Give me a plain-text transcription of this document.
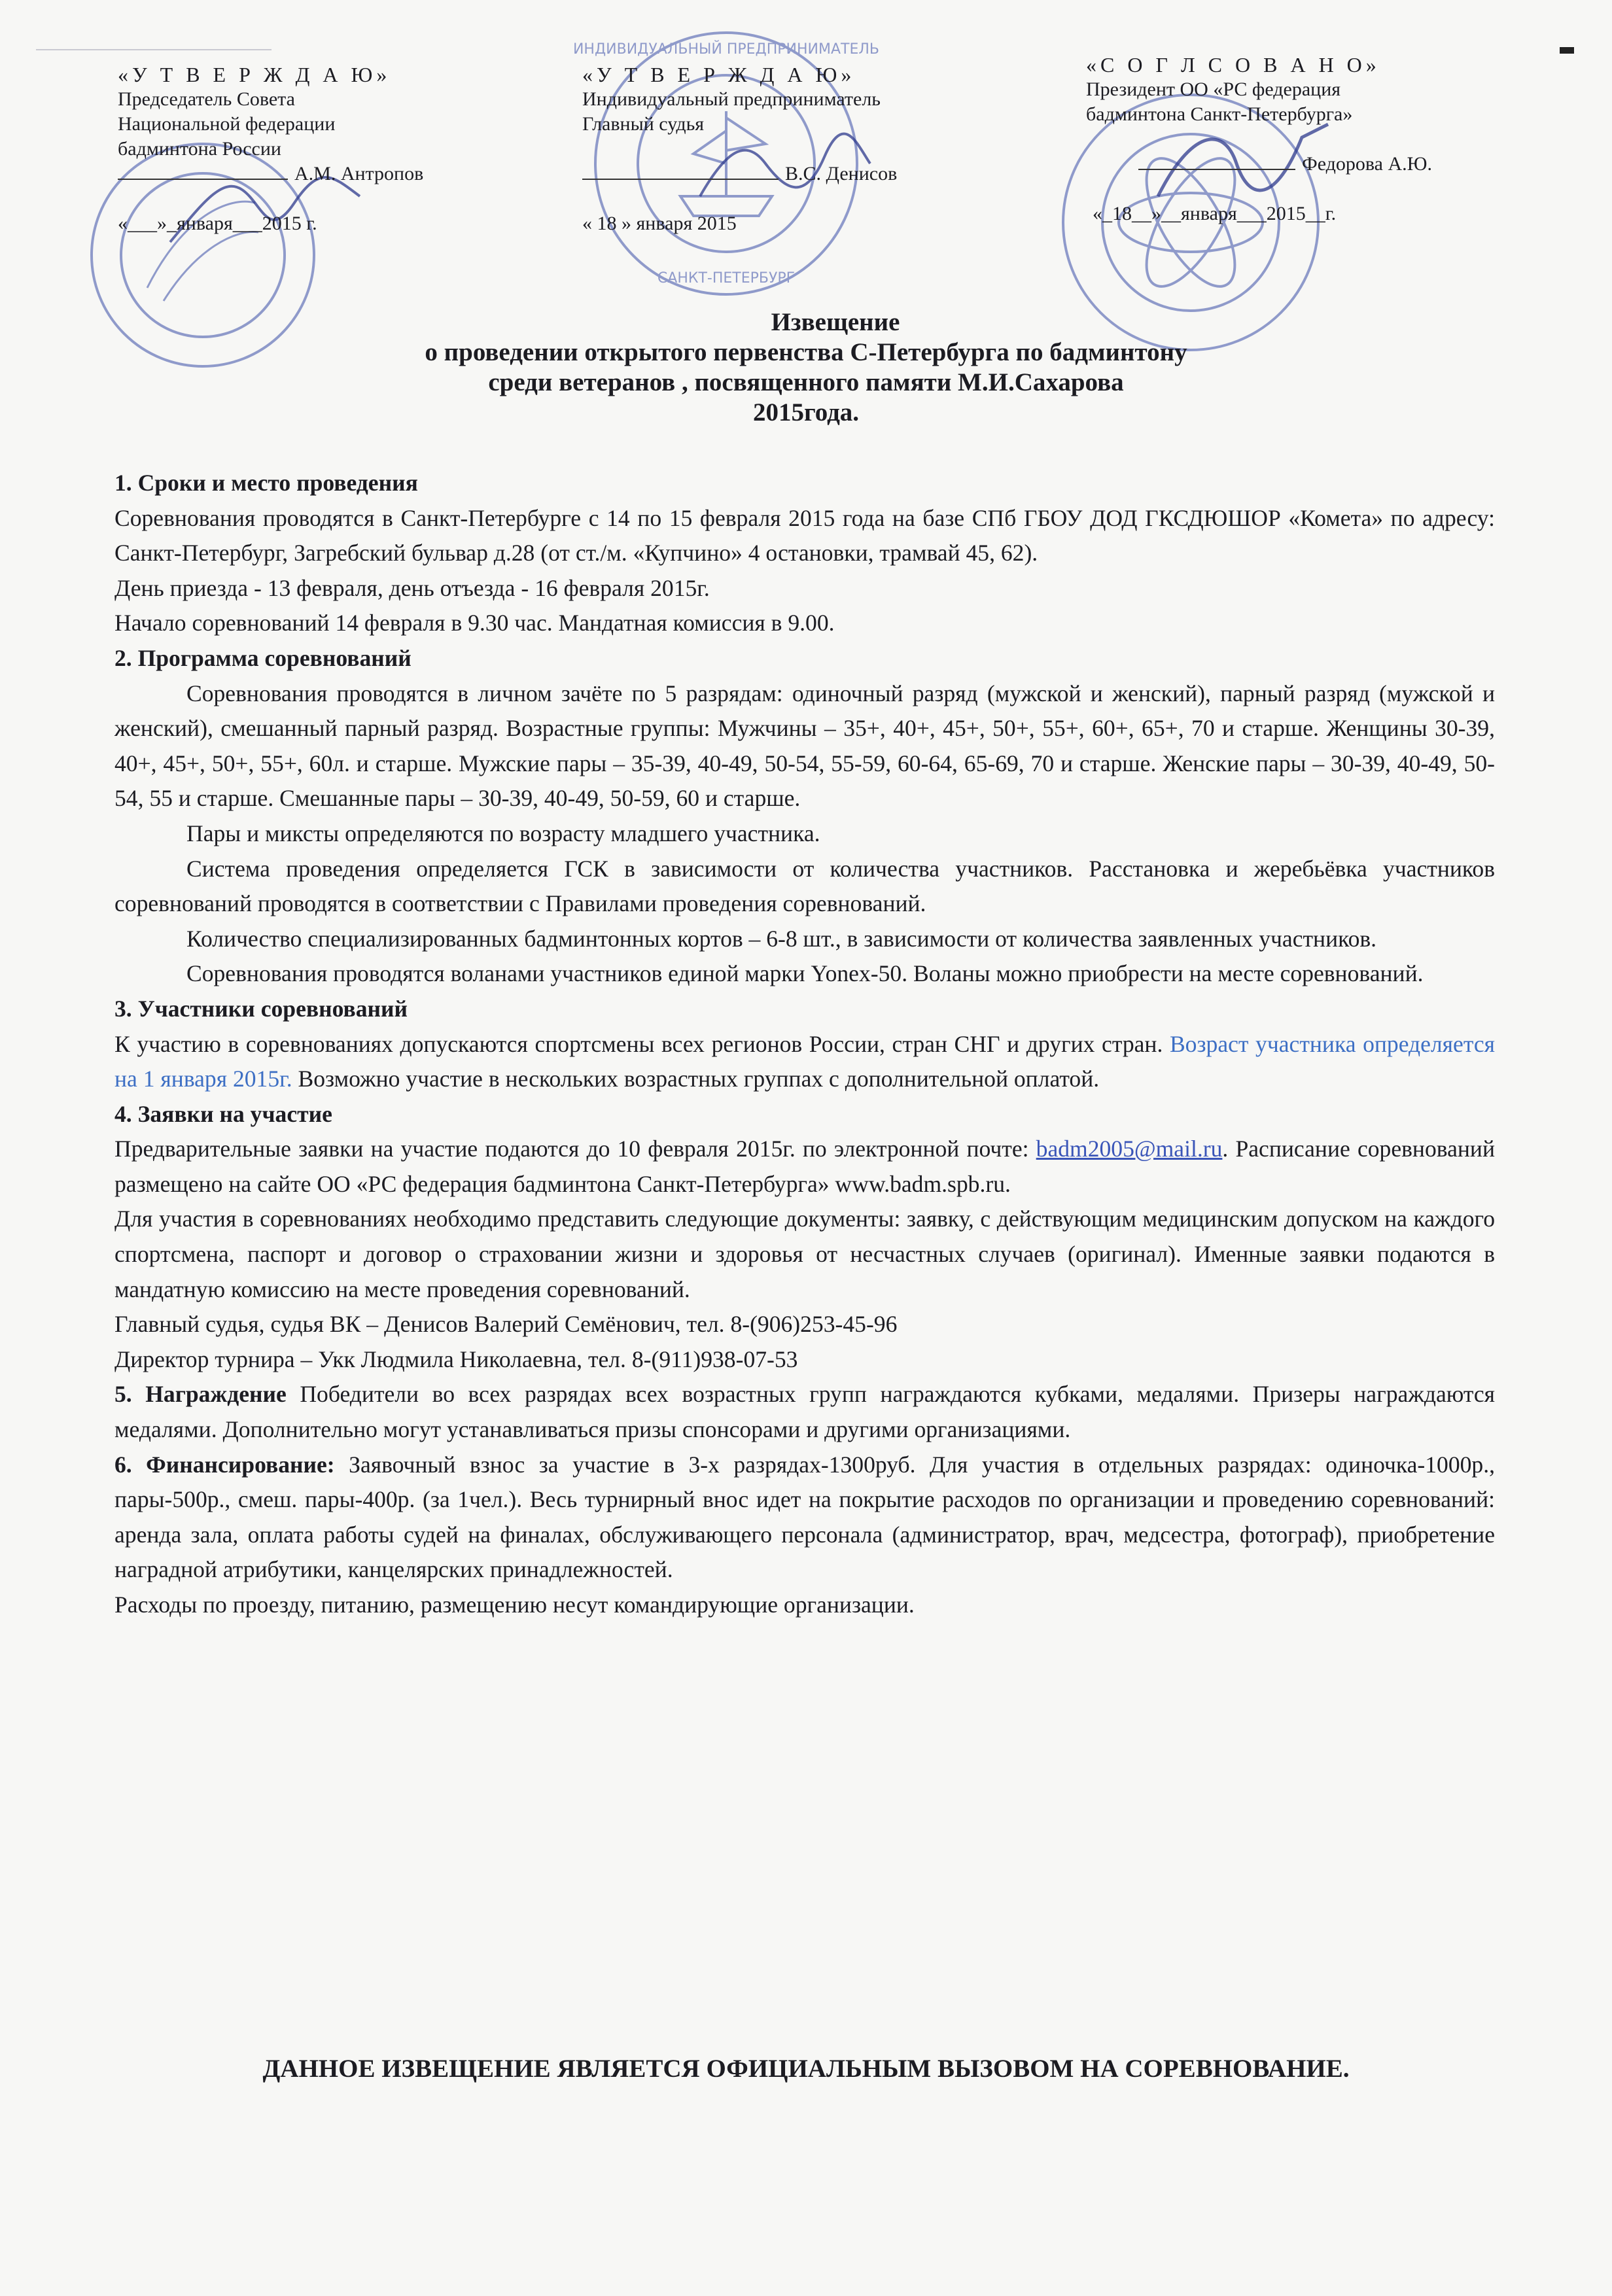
ИНДИВИДУАЛЬНЫЙ ПРЕДПРИНИМАТЕЛЬ
САНКТ-ПЕТЕРБУРГ
«У Т В Е Р Ж Д А Ю»
Председатель Совета
Национальной федерации
бадминтона России
А.М. Антропов
«___»_января___2015 г.
«У Т В Е Р Ж Д А Ю»
Индивидуальный предприниматель
Главный судья
В.С. Денисов
« 18 » января 2015
«С О Г Л С О В А Н О»
Президент ОО «РС федерация
бадминтона Санкт-Петербурга»
Федорова А.Ю.
«_18__»__января___2015__г.
Извещение
о проведении открытого первенства С-Петербурга по бадминтону
среди ветеранов , посвященного памяти М.И.Сахарова
2015года.

1. Сроки и место проведения

Соревнования проводятся в Санкт-Петербурге с 14 по 15 февраля 2015 года на базе СПб ГБОУ ДОД ГКСДЮШОР «Комета» по адресу: Санкт-Петербург, Загребский бульвар д.28 (от ст./м. «Купчино» 4 остановки, трамвай 45, 62).

День приезда - 13 февраля, день отъезда - 16 февраля 2015г.

Начало соревнований 14 февраля в 9.30 час. Мандатная комиссия в 9.00.

2. Программа соревнований

Соревнования проводятся в личном зачёте по 5 разрядам: одиночный разряд (мужской и женский), парный разряд (мужской и женский), смешанный парный разряд. Возрастные группы: Мужчины – 35+, 40+, 45+, 50+, 55+, 60+, 65+, 70 и старше. Женщины 30-39, 40+, 45+, 50+, 55+, 60л. и старше. Мужские пары – 35-39, 40-49, 50-54, 55-59, 60-64, 65-69, 70 и старше. Женские пары – 30-39, 40-49, 50-54, 55 и старше. Смешанные пары – 30-39, 40-49, 50-59, 60 и старше.

Пары и миксты определяются по возрасту младшего участника.

Система проведения определяется ГСК в зависимости от количества участников. Расстановка и жеребьёвка участников соревнований проводятся в соответствии с Правилами проведения соревнований.

Количество специализированных бадминтонных кортов – 6-8 шт., в зависимости от количества заявленных участников.

Соревнования проводятся воланами участников единой марки Yonex-50. Воланы можно приобрести на месте соревнований.

3. Участники соревнований

К участию в соревнованиях допускаются спортсмены всех регионов России, стран СНГ и других стран. Возраст участника определяется на 1 января 2015г. Возможно участие в нескольких возрастных группах с дополнительной оплатой.

4. Заявки на участие

Предварительные заявки на участие подаются до 10 февраля 2015г. по электронной почте: badm2005@mail.ru. Расписание соревнований размещено на сайте ОО «РС федерация бадминтона Санкт-Петербурга» www.badm.spb.ru.

Для участия в соревнованиях необходимо представить следующие документы: заявку, с действующим медицинским допуском на каждого спортсмена, паспорт и договор о страховании жизни и здоровья от несчастных случаев (оригинал). Именные заявки подаются в мандатную комиссию на месте проведения соревнований.

Главный судья, судья ВК – Денисов Валерий Семёнович, тел. 8-(906)253-45-96

Директор турнира – Укк Людмила Николаевна, тел. 8-(911)938-07-53

5. Награждение Победители во всех разрядах всех возрастных групп награждаются кубками, медалями. Призеры награждаются медалями. Дополнительно могут устанавливаться призы спонсорами и другими организациями.

6. Финансирование: Заявочный взнос за участие в 3-х разрядах-1300руб. Для участия в отдельных разрядах: одиночка-1000р., пары-500р., смеш. пары-400р. (за 1чел.). Весь турнирный внос идет на покрытие расходов по организации и проведению соревнований: аренда зала, оплата работы судей на финалах, обслуживающего персонала (администратор, врач, медсестра, фотограф), приобретение наградной атрибутики, канцелярских принадлежностей.

Расходы по проезду, питанию, размещению несут командирующие организации.

ДАННОЕ ИЗВЕЩЕНИЕ ЯВЛЯЕТСЯ ОФИЦИАЛЬНЫМ ВЫЗОВОМ НА СОРЕВНОВАНИЕ.
